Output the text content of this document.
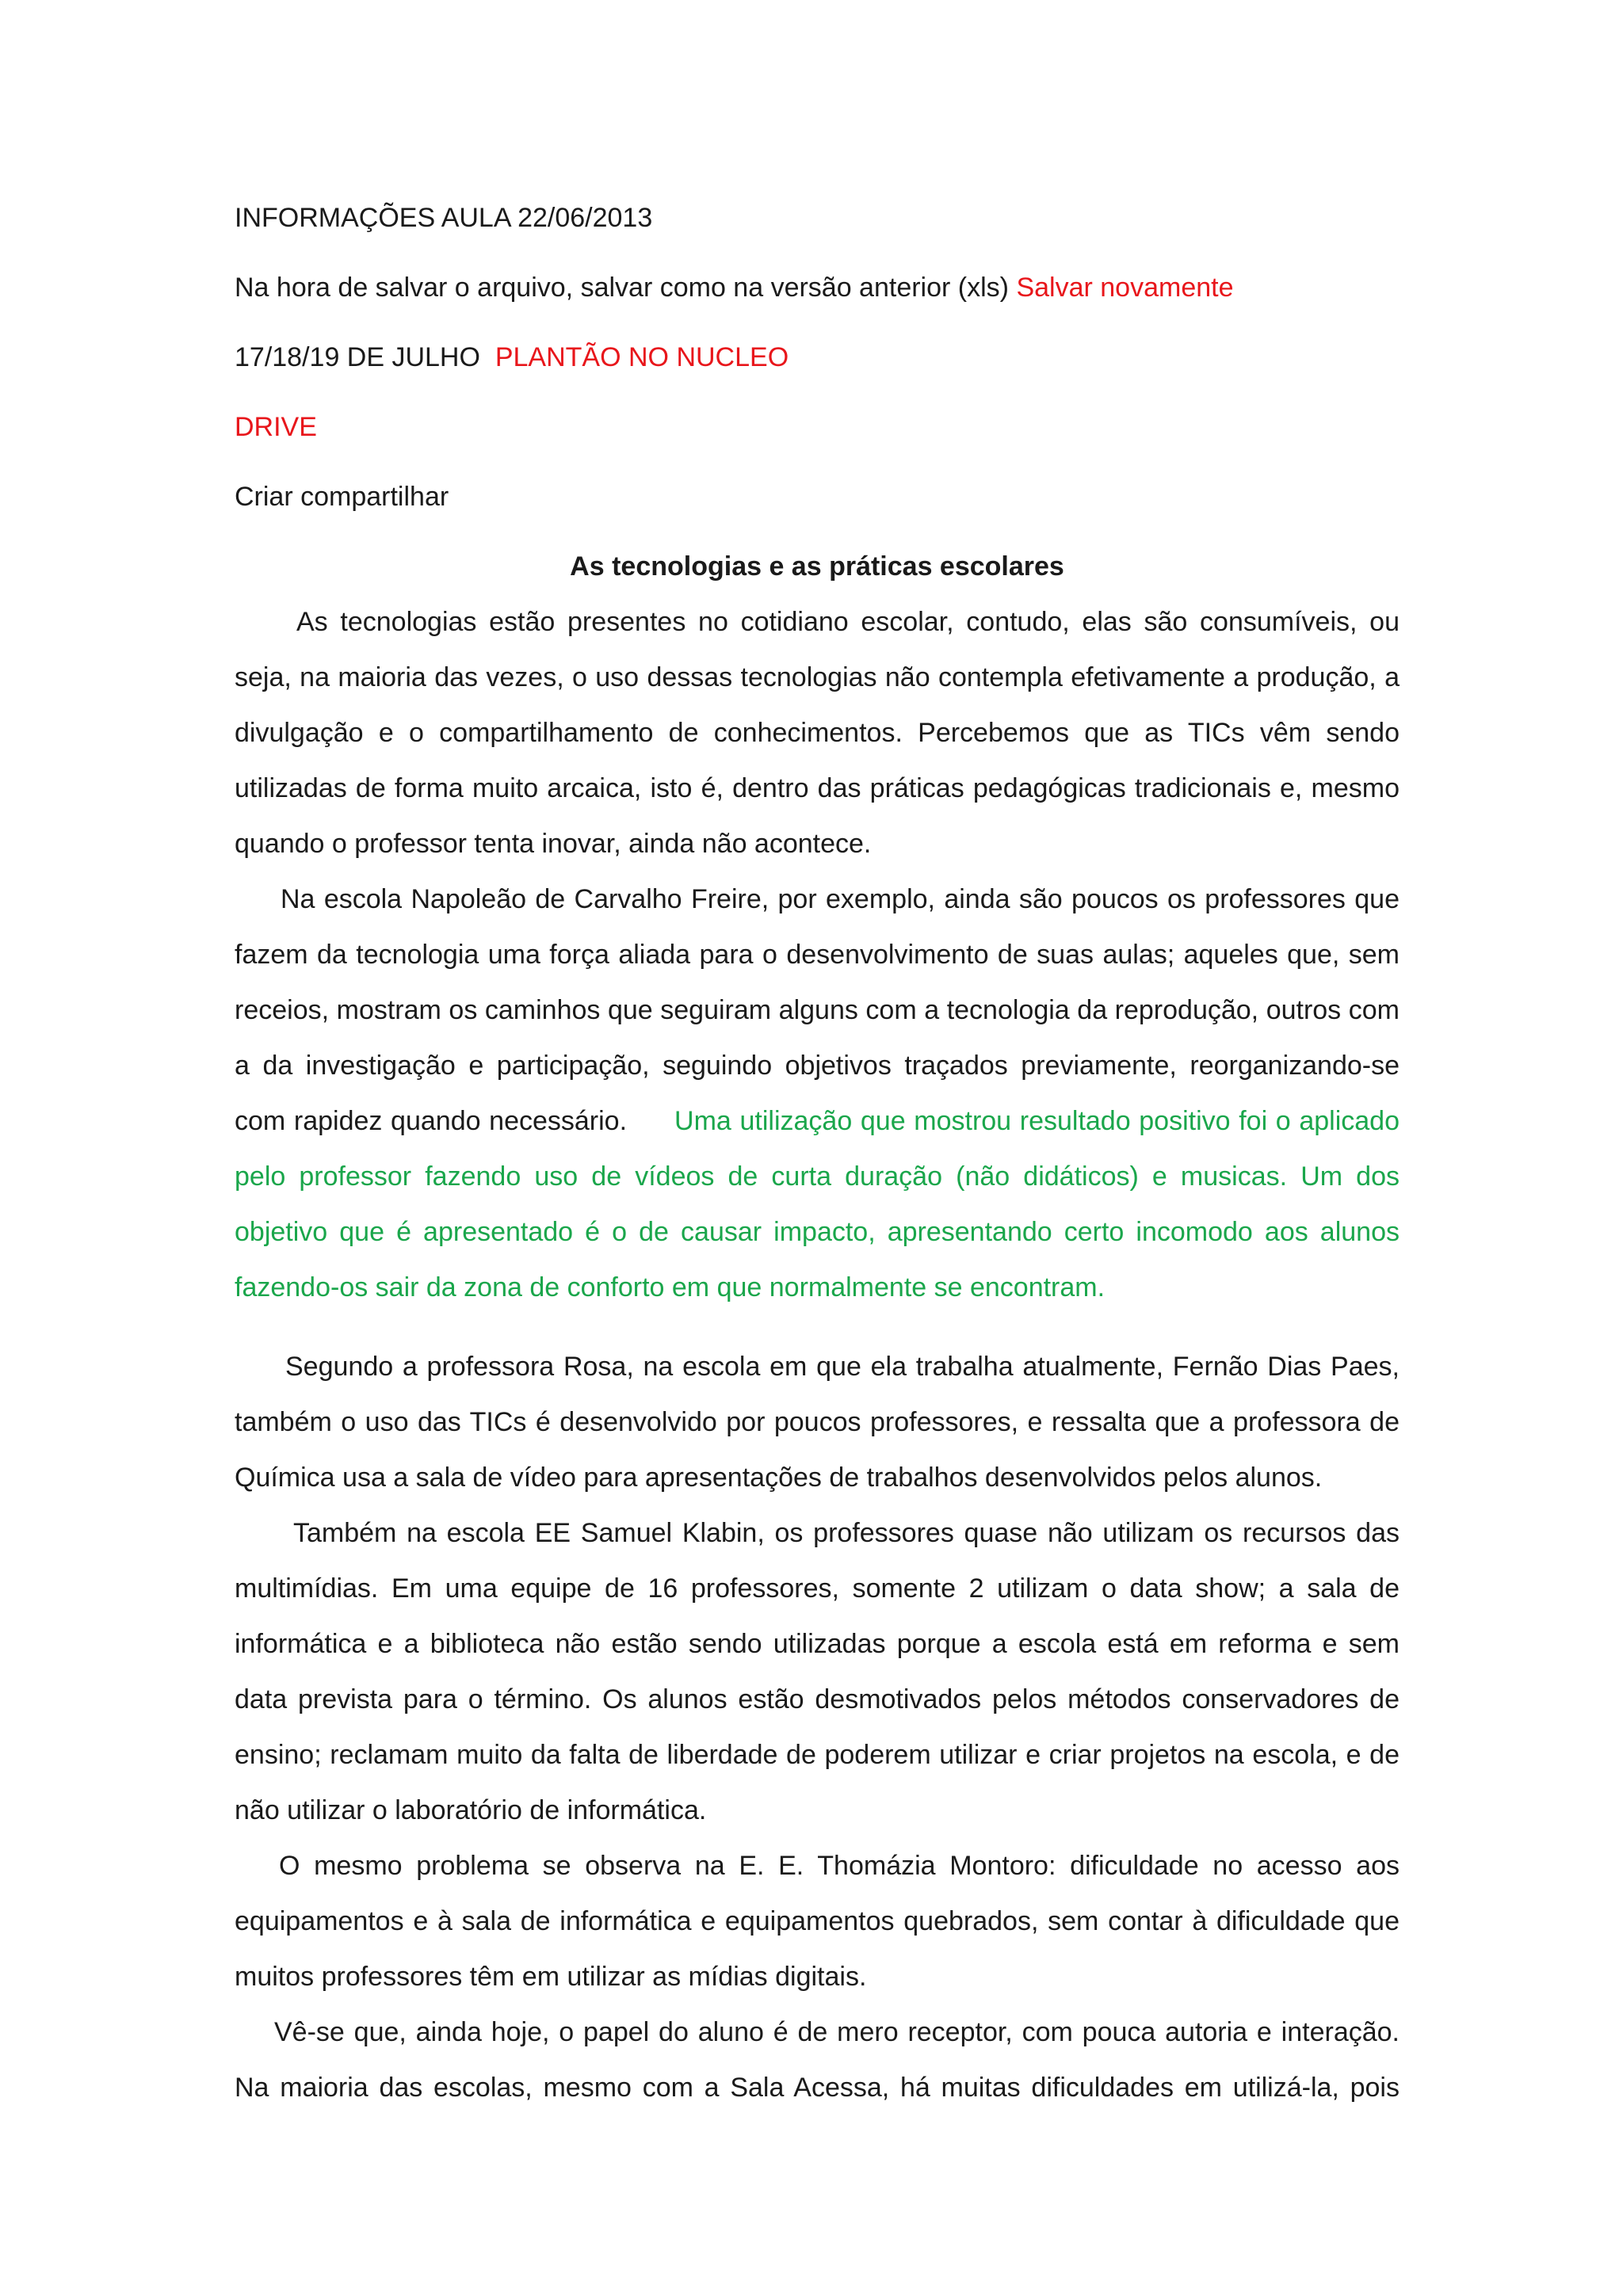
INFORMAÇÕES AULA 22/06/2013

Na hora de salvar o arquivo, salvar como na versão anterior (xls) Salvar novamente

17/18/19 DE JULHO PLANTÃO NO NUCLEO

DRIVE

Criar compartilhar

As tecnologias e as práticas escolares

As tecnologias estão presentes no cotidiano escolar, contudo, elas são consumíveis, ou seja, na maioria das vezes, o uso dessas tecnologias não contempla efetivamente a produção, a divulgação e o compartilhamento de conhecimentos. Percebemos que as TICs vêm sendo utilizadas de forma muito arcaica, isto é, dentro das práticas pedagógicas tradicionais e, mesmo quando o professor tenta inovar, ainda não acontece.

Na escola Napoleão de Carvalho Freire, por exemplo, ainda são poucos os professores que fazem da tecnologia uma força aliada para o desenvolvimento de suas aulas; aqueles que, sem receios, mostram os caminhos que seguiram alguns com a tecnologia da reprodução, outros com a da investigação e participação, seguindo objetivos traçados previamente, reorganizando-se com rapidez quando necessário. Uma utilização que mostrou resultado positivo foi o aplicado pelo professor fazendo uso de vídeos de curta duração (não didáticos) e musicas. Um dos objetivo que é apresentado é o de causar impacto, apresentando certo incomodo aos alunos fazendo-os sair da zona de conforto em que normalmente se encontram.

Segundo a professora Rosa, na escola em que ela trabalha atualmente, Fernão Dias Paes, também o uso das TICs é desenvolvido por poucos professores, e ressalta que a professora de Química usa a sala de vídeo para apresentações de trabalhos desenvolvidos pelos alunos.

Também na escola EE Samuel Klabin, os professores quase não utilizam os recursos das multimídias. Em uma equipe de 16 professores, somente 2 utilizam o data show; a sala de informática e a biblioteca não estão sendo utilizadas porque a escola está em reforma e sem data prevista para o término. Os alunos estão desmotivados pelos métodos conservadores de ensino; reclamam muito da falta de liberdade de poderem utilizar e criar projetos na escola, e de não utilizar o laboratório de informática.

O mesmo problema se observa na E. E. Thomázia Montoro: dificuldade no acesso aos equipamentos e à sala de informática e equipamentos quebrados, sem contar à dificuldade que muitos professores têm em utilizar as mídias digitais.

Vê-se que, ainda hoje, o papel do aluno é de mero receptor, com pouca autoria e interação. Na maioria das escolas, mesmo com a Sala Acessa, há muitas dificuldades em utilizá-la, pois
